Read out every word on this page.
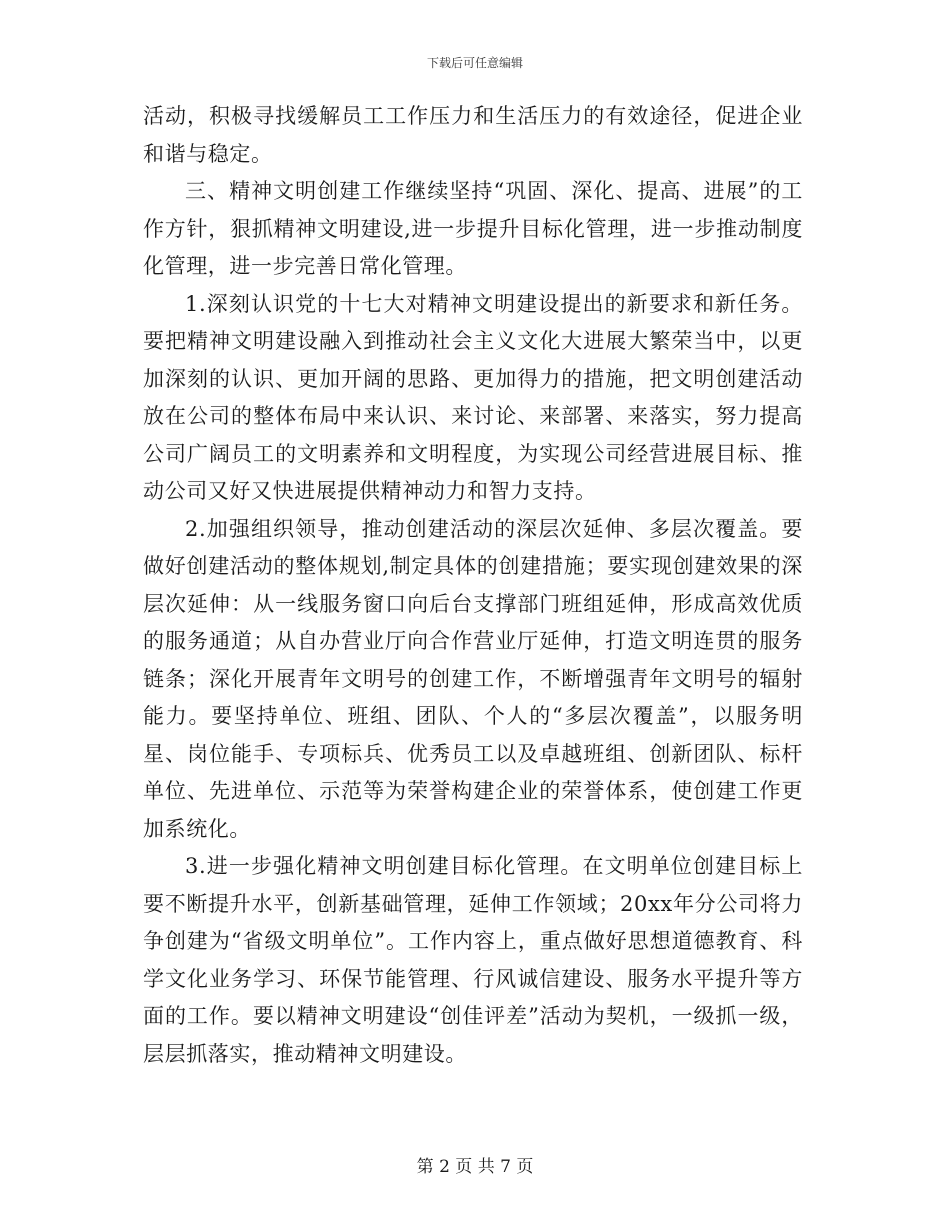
下载后可任意编辑

活动，积极寻找缓解员工工作压力和生活压力的有效途径，促进企业和谐与稳定。

三、精神文明创建工作继续坚持“巩固、深化、提高、进展”的工作方针，狠抓精神文明建设,进一步提升目标化管理，进一步推动制度化管理，进一步完善日常化管理。

1.深刻认识党的十七大对精神文明建设提出的新要求和新任务。要把精神文明建设融入到推动社会主义文化大进展大繁荣当中，以更加深刻的认识、更加开阔的思路、更加得力的措施，把文明创建活动放在公司的整体布局中来认识、来讨论、来部署、来落实，努力提高公司广阔员工的文明素养和文明程度，为实现公司经营进展目标、推动公司又好又快进展提供精神动力和智力支持。

2.加强组织领导，推动创建活动的深层次延伸、多层次覆盖。要做好创建活动的整体规划,制定具体的创建措施；要实现创建效果的深层次延伸：从一线服务窗口向后台支撑部门班组延伸，形成高效优质的服务通道；从自办营业厅向合作营业厅延伸，打造文明连贯的服务链条；深化开展青年文明号的创建工作，不断增强青年文明号的辐射能力。要坚持单位、班组、团队、个人的“多层次覆盖”，以服务明星、岗位能手、专项标兵、优秀员工以及卓越班组、创新团队、标杆单位、先进单位、示范等为荣誉构建企业的荣誉体系，使创建工作更加系统化。

3.进一步强化精神文明创建目标化管理。在文明单位创建目标上要不断提升水平，创新基础管理，延伸工作领域；20xx年分公司将力争创建为“省级文明单位”。工作内容上，重点做好思想道德教育、科学文化业务学习、环保节能管理、行风诚信建设、服务水平提升等方面的工作。要以精神文明建设“创佳评差”活动为契机，一级抓一级，层层抓落实，推动精神文明建设。

第 2 页 共 7 页
